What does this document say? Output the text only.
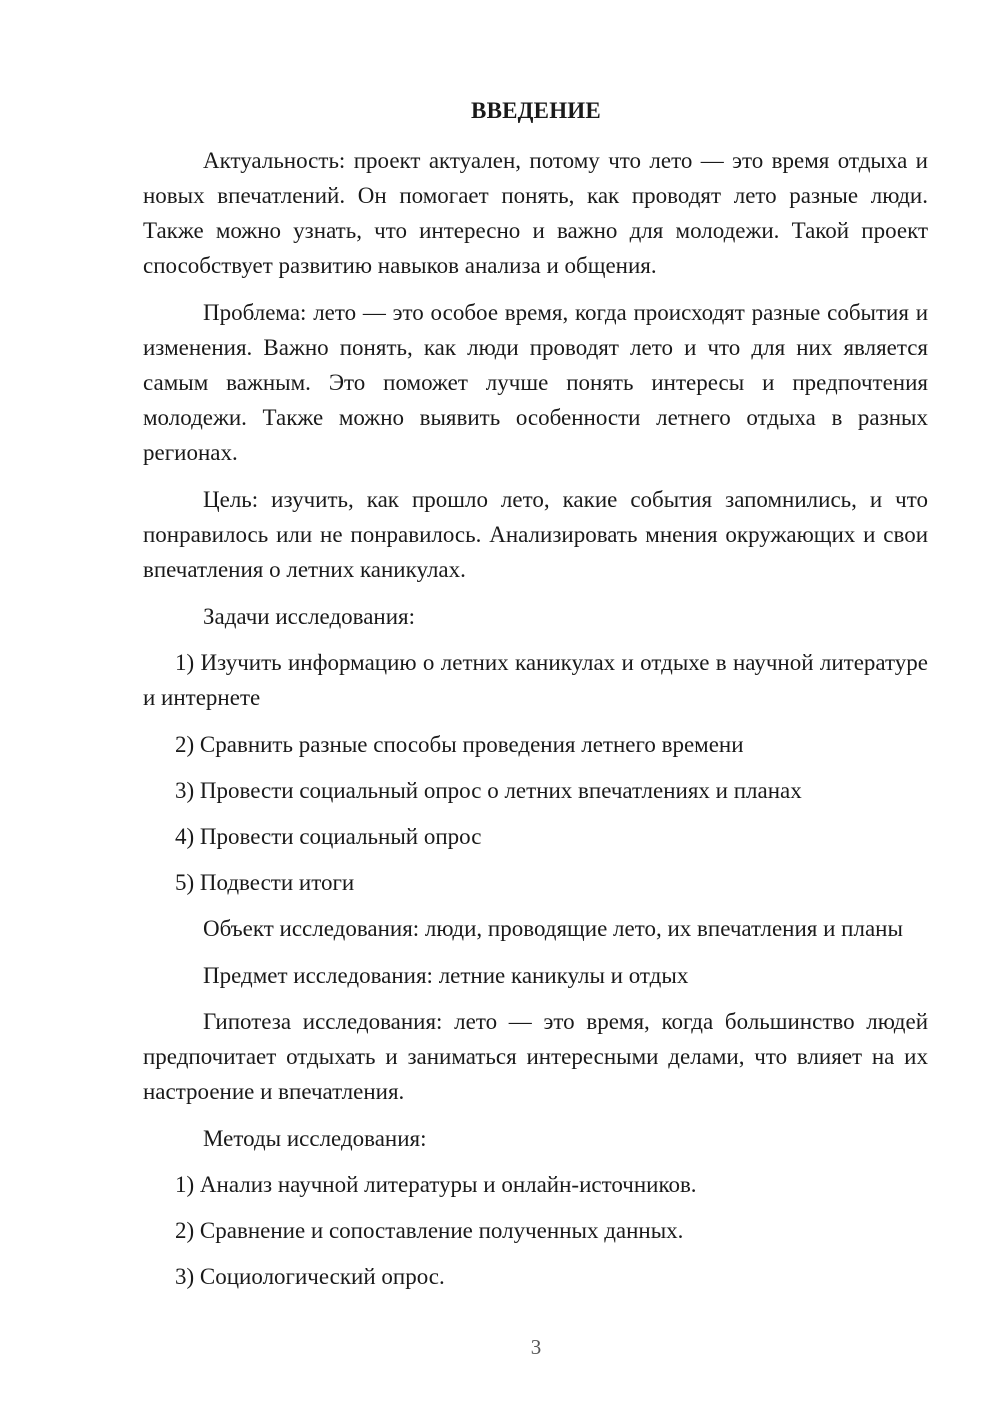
ВВЕДЕНИЕ

Актуальность: проект актуален, потому что лето — это время отдыха и новых впечатлений. Он помогает понять, как проводят лето разные люди. Также можно узнать, что интересно и важно для молодежи. Такой проект способствует развитию навыков анализа и общения.

Проблема: лето — это особое время, когда происходят разные события и изменения. Важно понять, как люди проводят лето и что для них является самым важным. Это поможет лучше понять интересы и предпочтения молодежи. Также можно выявить особенности летнего отдыха в разных регионах.

Цель: изучить, как прошло лето, какие события запомнились, и что понравилось или не понравилось. Анализировать мнения окружающих и свои впечатления о летних каникулах.

Задачи исследования:

1) Изучить информацию о летних каникулах и отдыхе в научной литературе и интернете

2) Сравнить разные способы проведения летнего времени

3) Провести социальный опрос о летних впечатлениях и планах

4) Провести социальный опрос

5) Подвести итоги

Объект исследования: люди, проводящие лето, их впечатления и планы

Предмет исследования: летние каникулы и отдых

Гипотеза исследования: лето — это время, когда большинство людей предпочитает отдыхать и заниматься интересными делами, что влияет на их настроение и впечатления.

Методы исследования:

1) Анализ научной литературы и онлайн-источников.

2) Сравнение и сопоставление полученных данных.

3) Социологический опрос.

3
